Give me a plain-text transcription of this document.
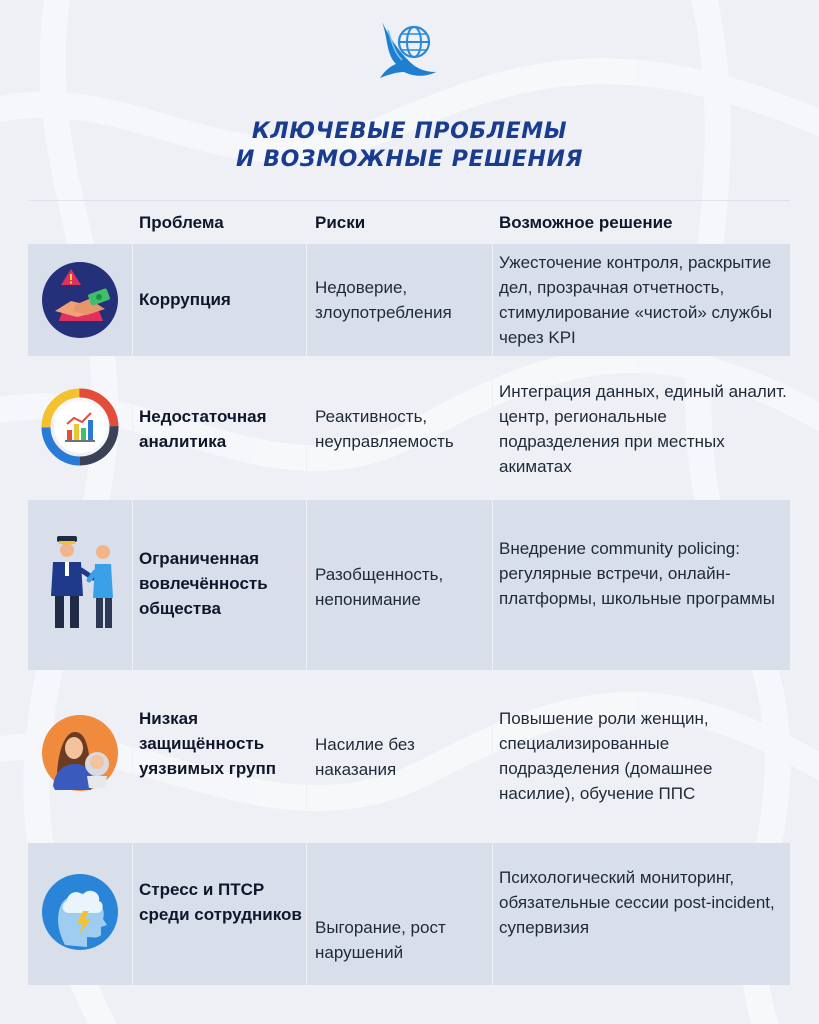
КЛЮЧЕВЫЕ ПРОБЛЕМЫ
И ВОЗМОЖНЫЕ РЕШЕНИЯ
Проблема	Риски	Возможное решение
Коррупция
Недоверие, злоупотребления
Ужесточение контроля, раскрытие дел, прозрачная отчетность, стимулирование «чистой» службы через KPI
Недостаточная аналитика
Реактивность, неуправляемость
Интеграция данных, единый аналит. центр, региональные подразделения при местных акиматах
Ограниченная вовлечённость общества
Разобщенность, непонимание
Внедрение community policing: регулярные встречи, онлайн-платформы, школьные программы
Низкая защищённость уязвимых групп
Насилие без наказания
Повышение роли женщин, специализированные подразделения (домашнее насилие), обучение ППС
Стресс и ПТСР среди сотрудников
Выгорание, рост нарушений
Психологический мониторинг, обязательные сессии post-incident, супервизия
